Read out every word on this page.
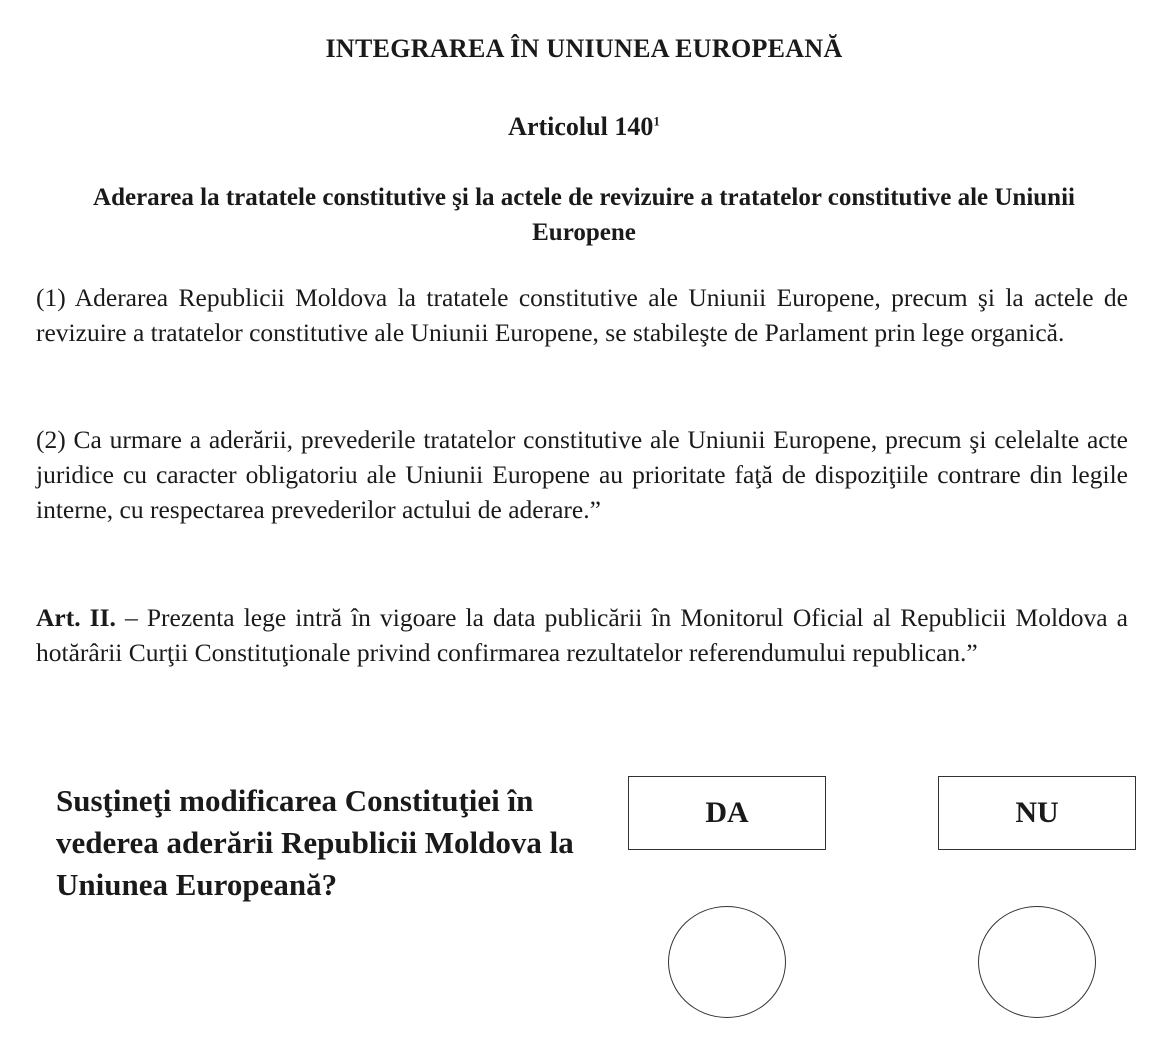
INTEGRAREA ÎN UNIUNEA EUROPEANĂ
Articolul $140^1$
Aderarea la tratatele constitutive şi la actele de revizuire a tratatelor constitutive ale Uniunii Europene
(1) Aderarea Republicii Moldova la tratatele constitutive ale Uniunii Europene, precum şi la actele de revizuire a tratatelor constitutive ale Uniunii Europene, se stabileşte de Parlament prin lege organică.
(2) Ca urmare a aderării, prevederile tratatelor constitutive ale Uniunii Europene, precum şi celelalte acte juridice cu caracter obligatoriu ale Uniunii Europene au prioritate faţă de dispoziţiile contrare din legile interne, cu respectarea prevederilor actului de aderare.”
Art. II. – Prezenta lege intră în vigoare la data publicării în Monitorul Oficial al Republicii Moldova a hotărârii Curţii Constituţionale privind confirmarea rezultatelor referendumului republican.”
Susţineţi modificarea Constituţiei în vederea aderării Republicii Moldova la Uniunea Europeană?
DA	NU
